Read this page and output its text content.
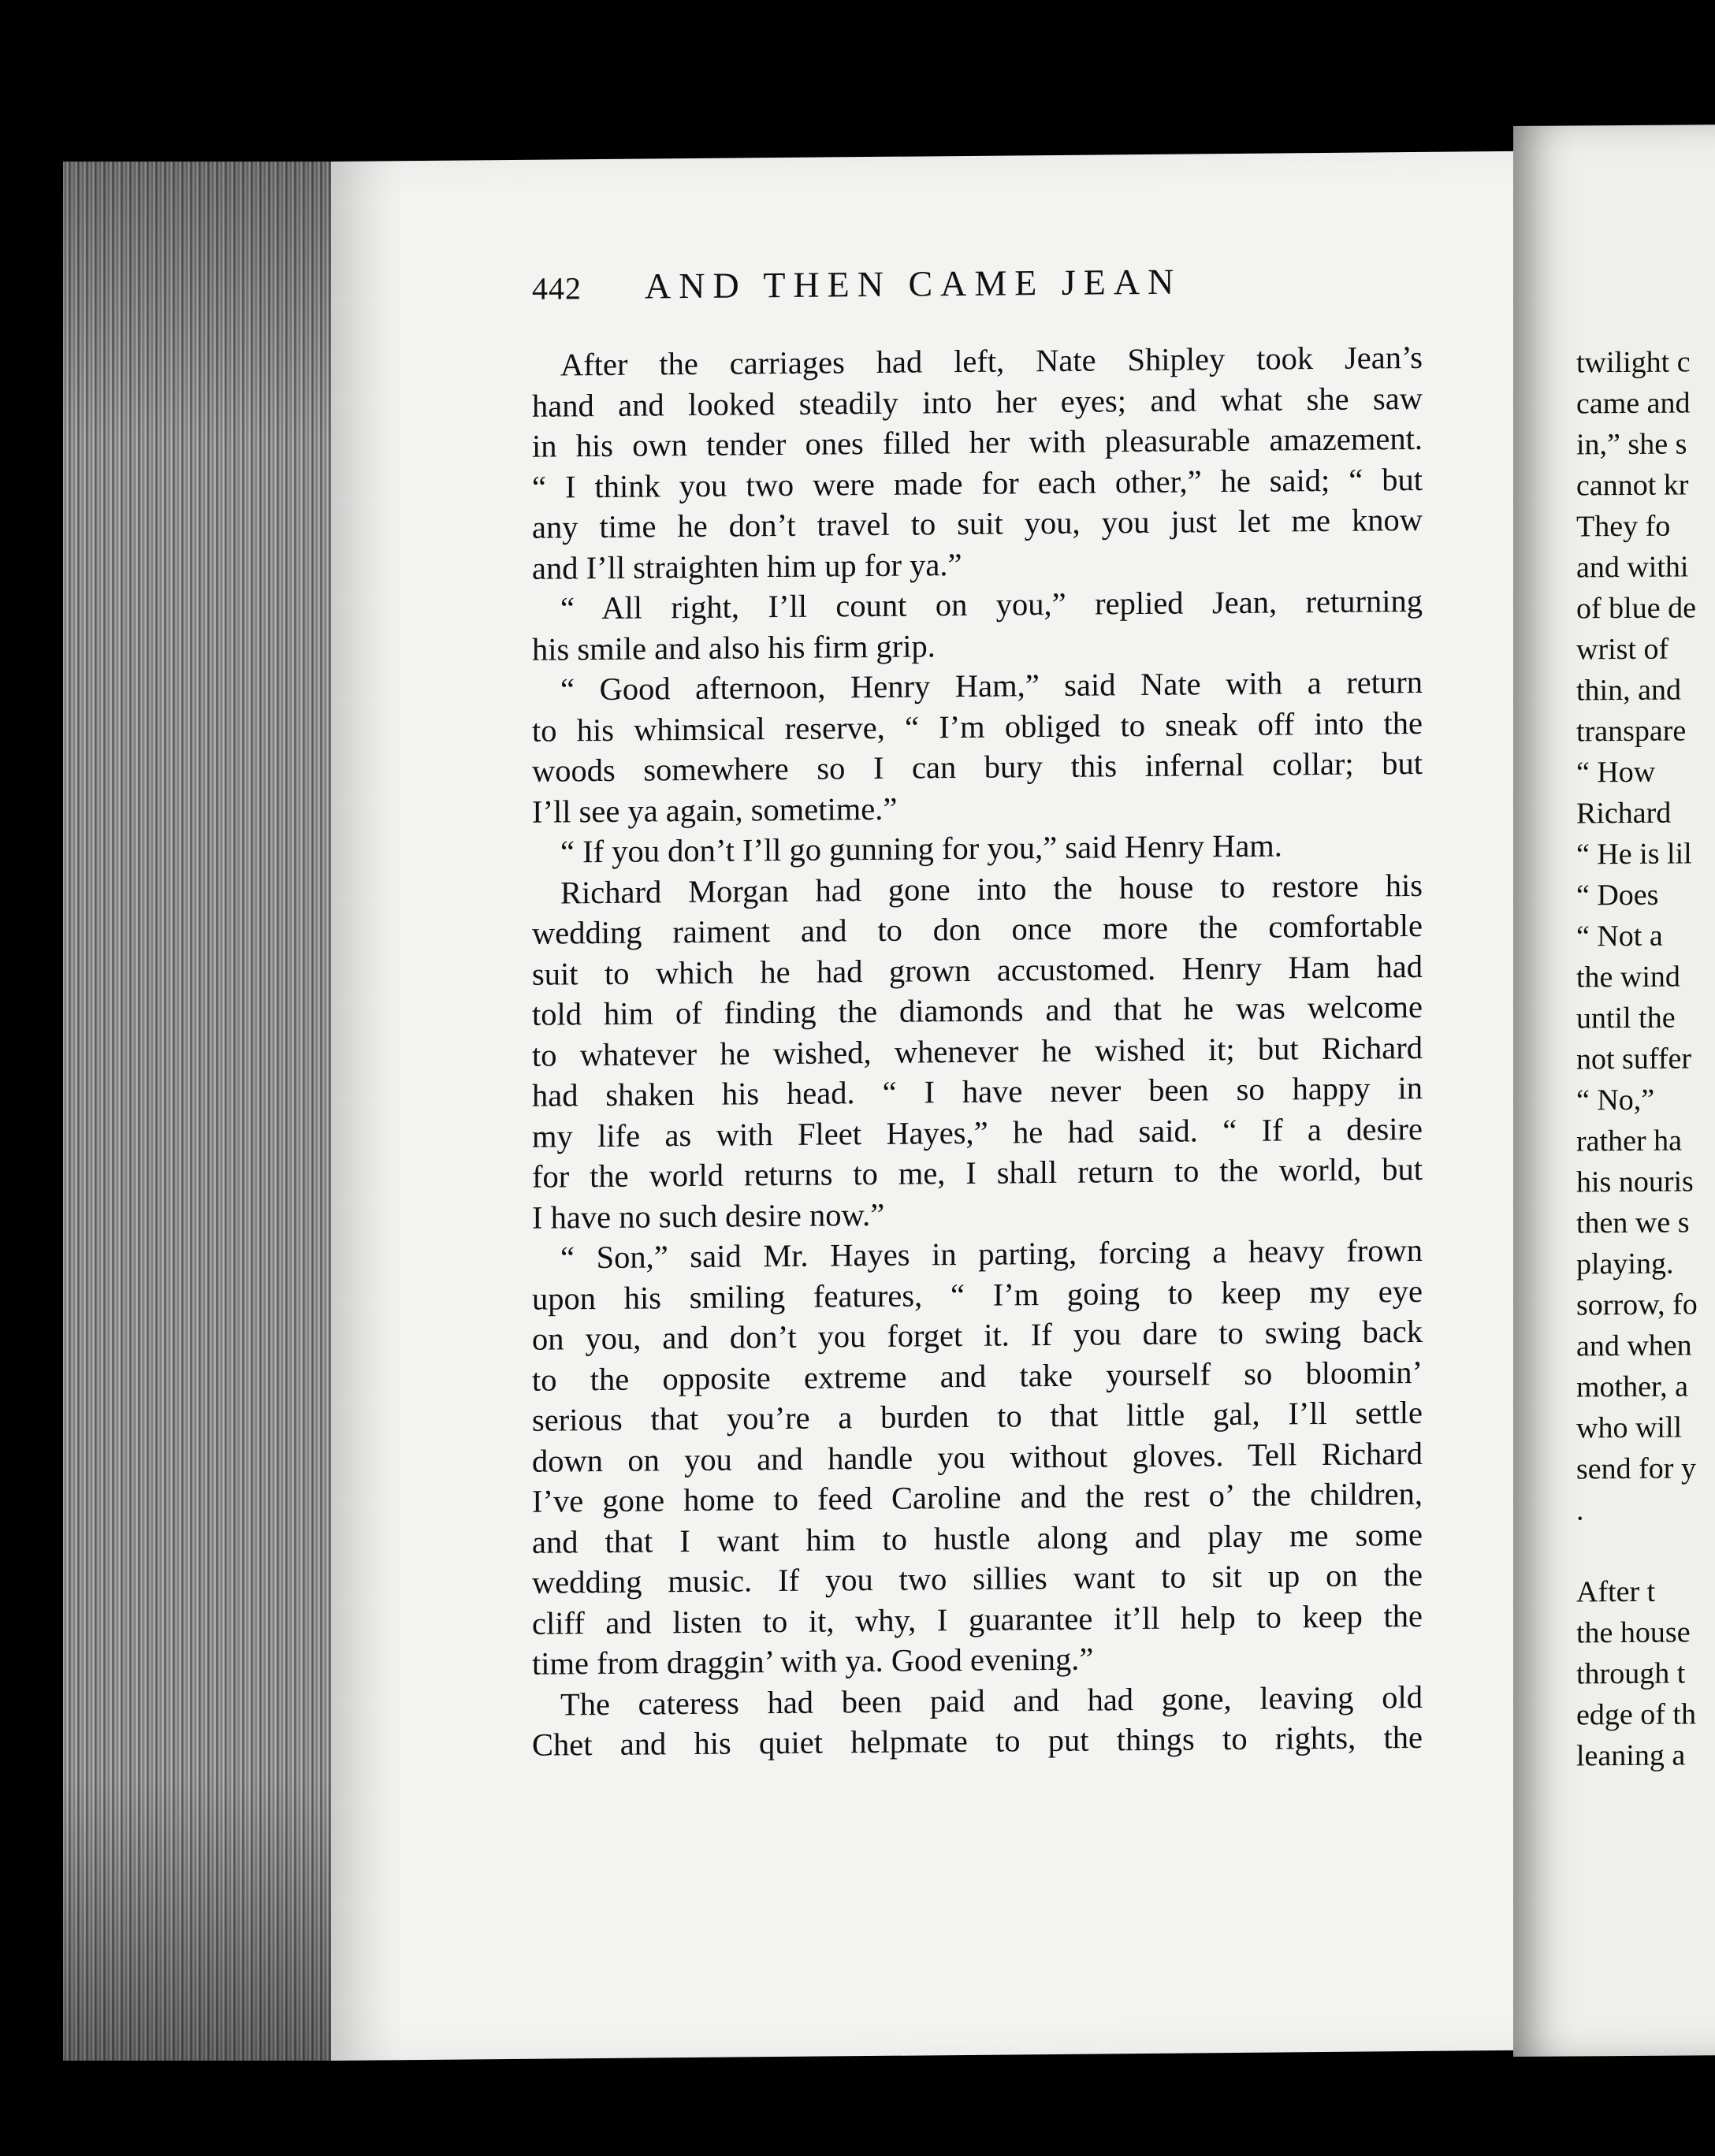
442 AND THEN CAME JEAN
After the carriages had left, Nate Shipley took Jean’s
hand and looked steadily into her eyes; and what she saw
in his own tender ones filled her with pleasurable amazement.
“ I think you two were made for each other,” he said; “ but
any time he don’t travel to suit you, you just let me know
and I’ll straighten him up for ya.”
“ All right, I’ll count on you,” replied Jean, returning
his smile and also his firm grip.
“ Good afternoon, Henry Ham,” said Nate with a return
to his whimsical reserve, “ I’m obliged to sneak off into the
woods somewhere so I can bury this infernal collar; but
I’ll see ya again, sometime.”
“ If you don’t I’ll go gunning for you,” said Henry Ham.
Richard Morgan had gone into the house to restore his
wedding raiment and to don once more the comfortable
suit to which he had grown accustomed. Henry Ham had
told him of finding the diamonds and that he was welcome
to whatever he wished, whenever he wished it; but Richard
had shaken his head. “ I have never been so happy in
my life as with Fleet Hayes,” he had said. “ If a desire
for the world returns to me, I shall return to the world, but
I have no such desire now.”
“ Son,” said Mr. Hayes in parting, forcing a heavy frown
upon his smiling features, “ I’m going to keep my eye
on you, and don’t you forget it. If you dare to swing back
to the opposite extreme and take yourself so bloomin’
serious that you’re a burden to that little gal, I’ll settle
down on you and handle you without gloves. Tell Richard
I’ve gone home to feed Caroline and the rest o’ the children,
and that I want him to hustle along and play me some
wedding music. If you two sillies want to sit up on the
cliff and listen to it, why, I guarantee it’ll help to keep the
time from draggin’ with ya. Good evening.”
The cateress had been paid and had gone, leaving old
Chet and his quiet helpmate to put things to rights, the
twilight c
came and
in,” she s
cannot kr
They fo
and withi
of blue de
wrist of
thin, and
transpare
“ How
Richard
“ He is lil
“ Does
“ Not a
the wind
until the
not suffer
“ No,”
rather ha
his nouris
then we s
playing.
sorrow, fo
and when
mother, a
who will
send for y
.

After t
the house
through t
edge of th
leaning a
